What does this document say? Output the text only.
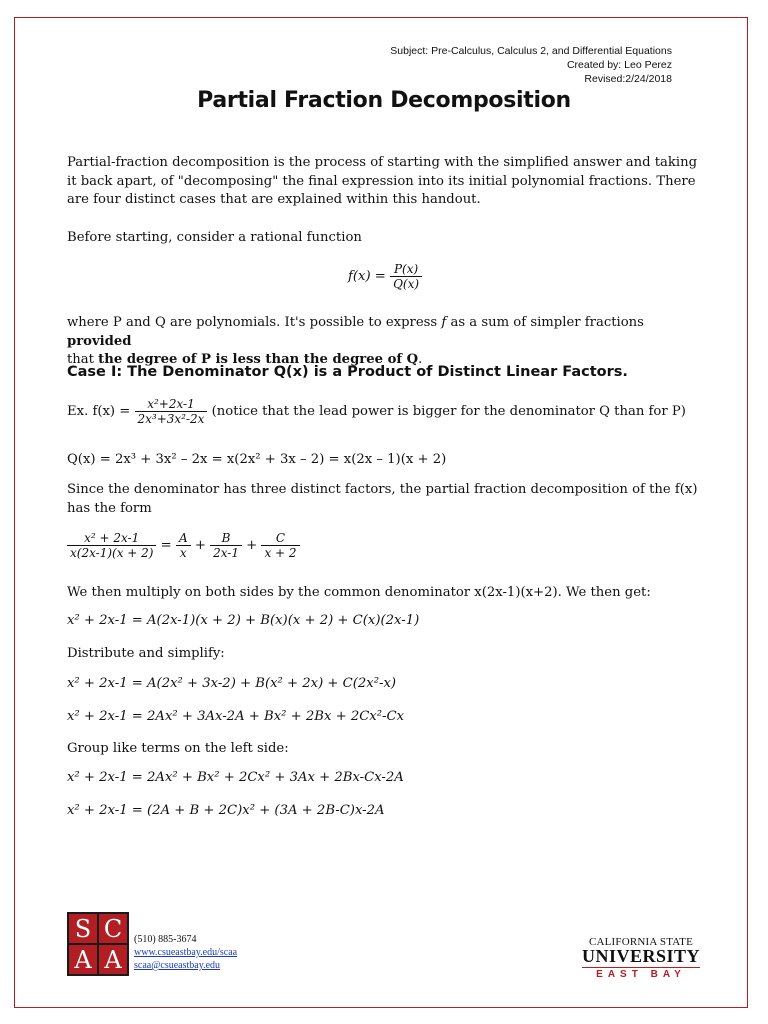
Subject: Pre-Calculus, Calculus 2, and Differential Equations
Created by: Leo Perez
Revised:2/24/2018
Partial Fraction Decomposition
Partial-fraction decomposition is the process of starting with the simplified answer and taking it back apart, of "decomposing" the final expression into its initial polynomial fractions. There are four distinct cases that are explained within this handout.
Before starting, consider a rational function
$f(x) = \frac{P(x)}{Q(x)}$
where P and Q are polynomials. It's possible to express f as a sum of simpler fractions provided
that the degree of P is less than the degree of Q.
Case I: The Denominator Q(x) is a Product of Distinct Linear Factors.
Ex. $f(x) = \frac{\text{x²+2x-1}}{\text{2x³+3x²-2x}}$ (notice that the lead power is bigger for the denominator Q than for P)
Q(x) = 2x³ + 3x² – 2x = x(2x² + 3x – 2) = x(2x – 1)(x + 2)
Since the denominator has three distinct factors, the partial fraction decomposition of the f(x) has the form
$\frac{\text{x² + 2x-1}}{x(2x-1)(x + 2)} = \frac{A}{x} + \frac{B}{2x-1} + \frac{C}{x + 2}$
We then multiply on both sides by the common denominator x(2x-1)(x+2). We then get:
x² + 2x-1 = A(2x-1)(x + 2) + B(x)(x + 2) + C(x)(2x-1)
Distribute and simplify:
x² + 2x-1 = A(2x² + 3x-2) + B(x² + 2x) + C(2x²-x)
x² + 2x-1 = 2Ax² + 3Ax-2A + Bx² + 2Bx + 2Cx²-Cx
Group like terms on the left side:
x² + 2x-1 = 2Ax² + Bx² + 2Cx² + 3Ax + 2Bx-Cx-2A
x² + 2x-1 = (2A + B + 2C)x² + (3A + 2B-C)x-2A
S C
A A
(510) 885-3674
www.csueastbay.edu/scaa
scaa@csueastbay.edu
CALIFORNIA STATE
UNIVERSITY
EAST BAY
